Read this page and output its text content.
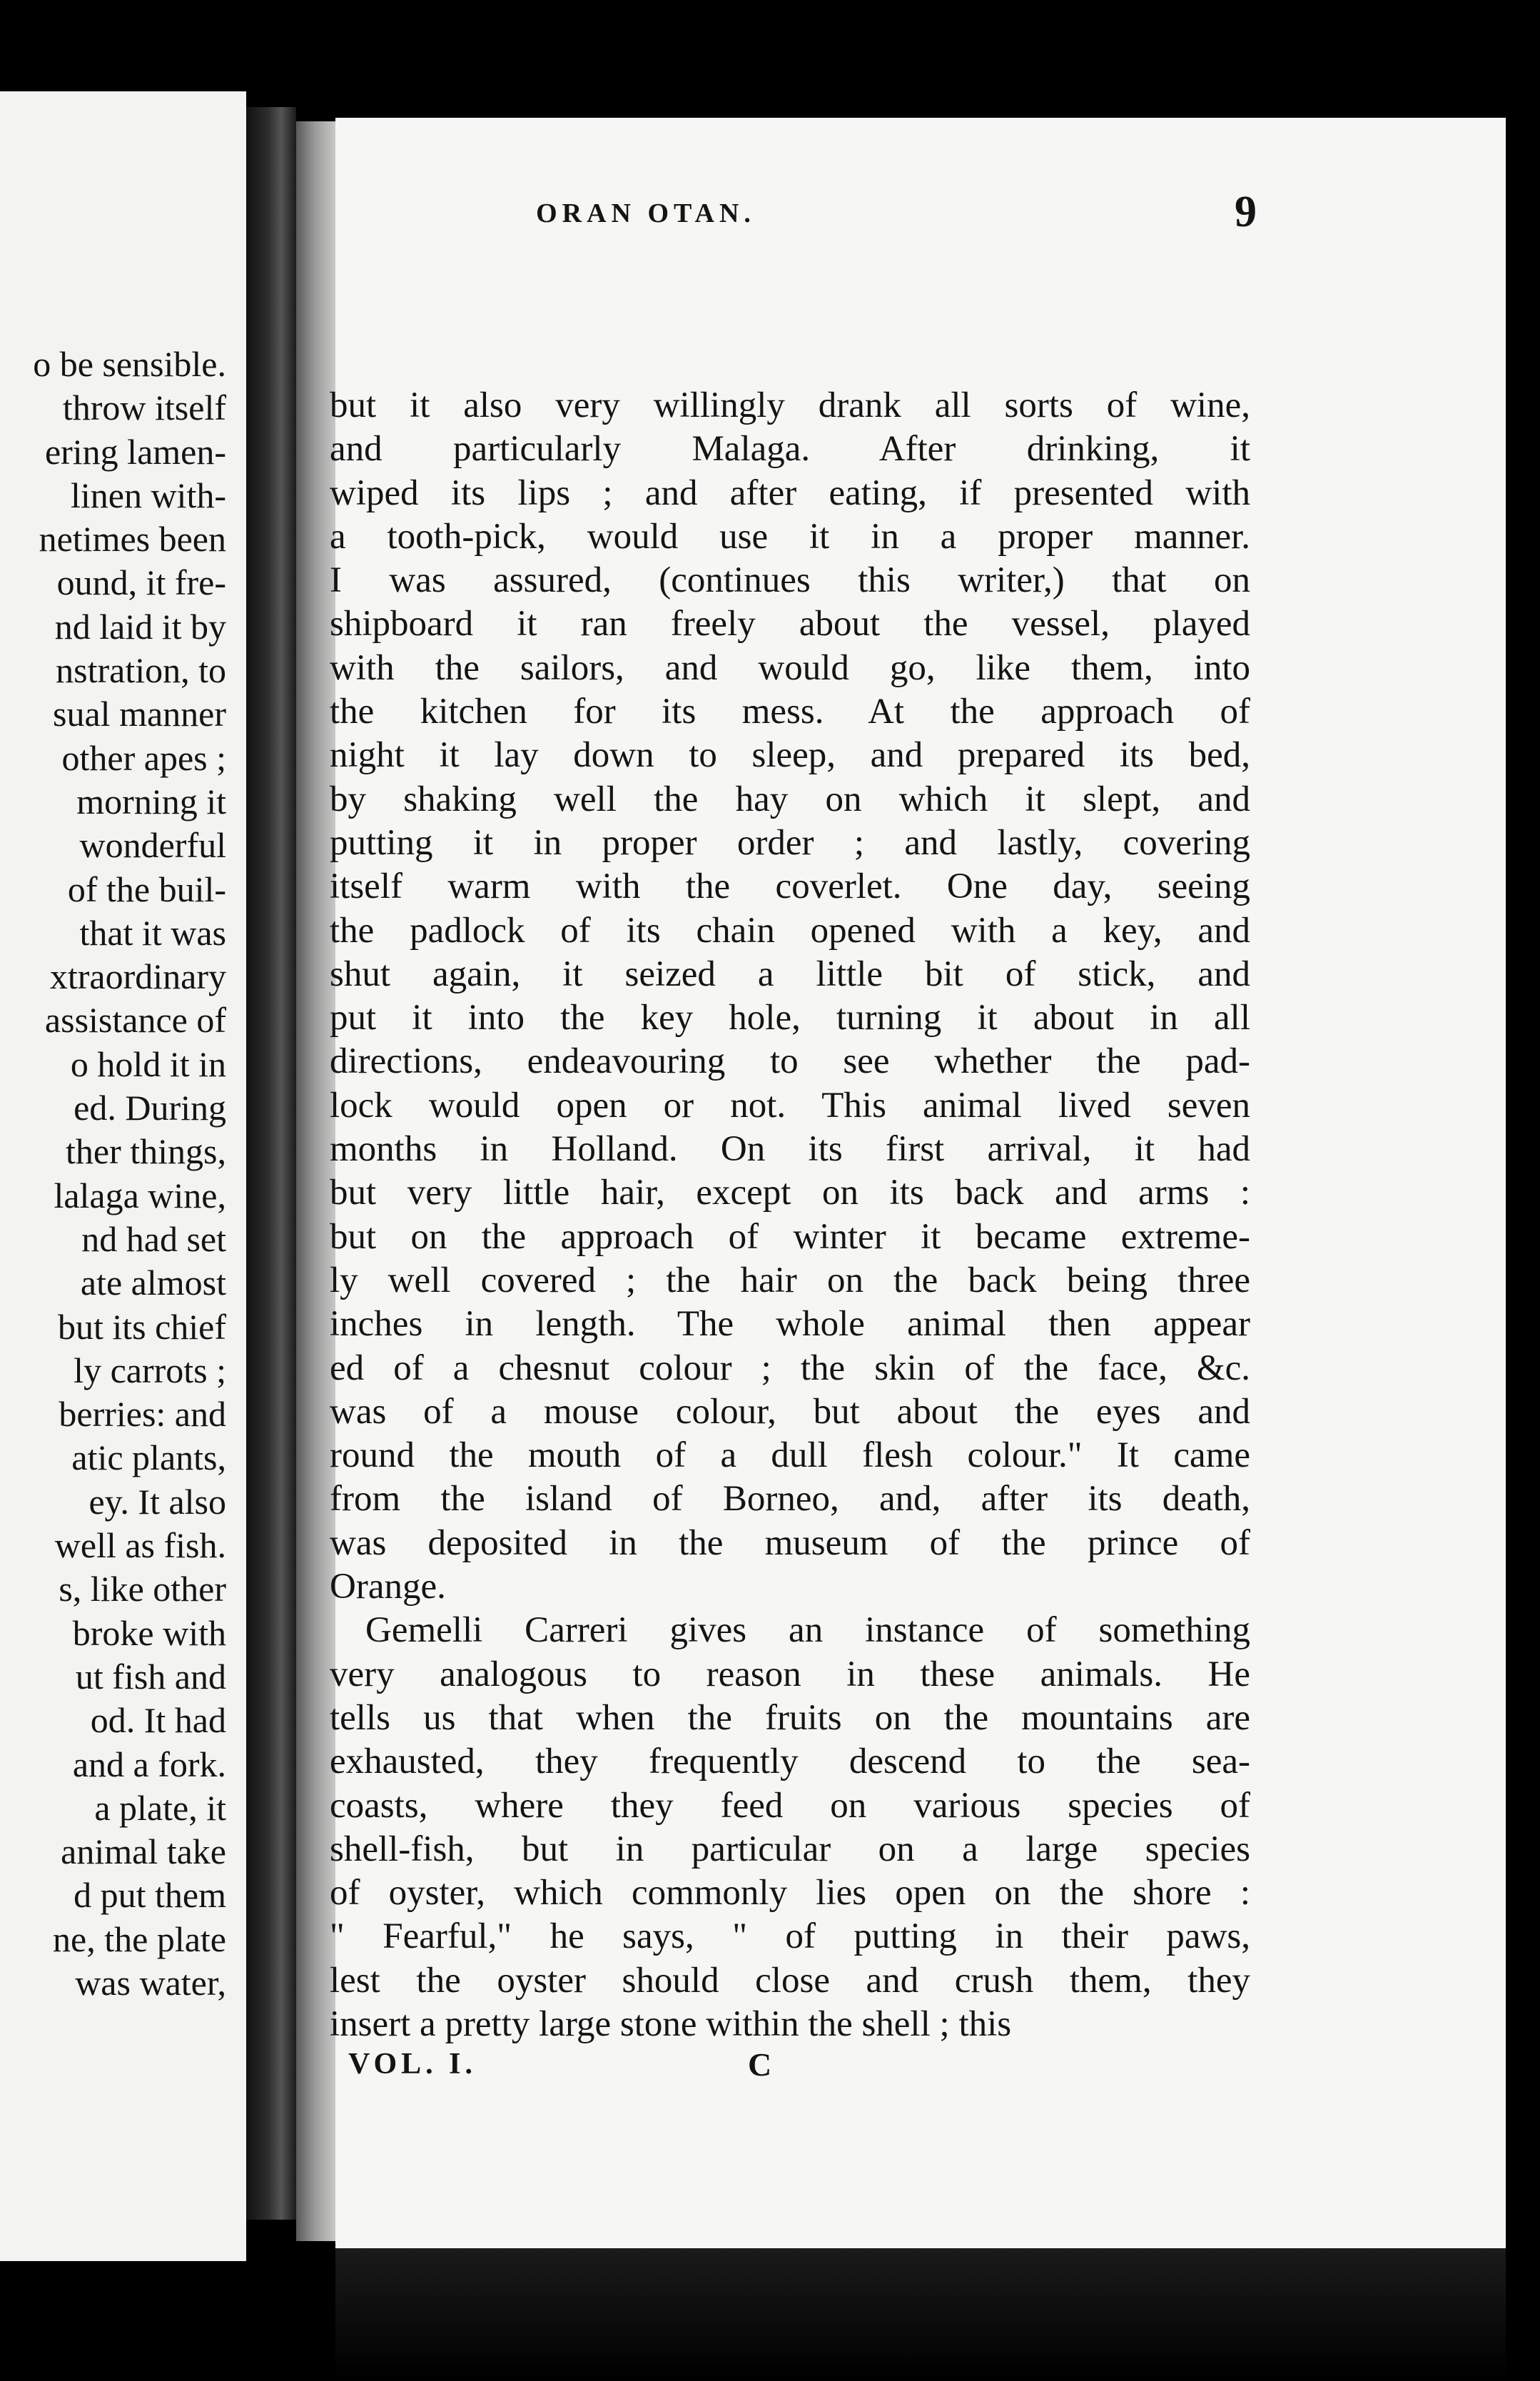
o be sensible.
throw itself
ering lamen-
linen with-
netimes been
ound, it fre-
nd laid it by
nstration, to
sual manner
other apes ;
morning it
wonderful
of the buil-
that it was
xtraordinary
assistance of
o hold it in
ed. During
ther things,
lalaga wine,
nd had set
ate almost
but its chief
ly carrots ;
berries: and
atic plants,
ey. It also
well as fish.
s, like other
broke with
ut fish and
od. It had
and a fork.
a plate, it
animal take
d put them
ne, the plate
was water,
ORAN OTAN.	9
but it also very willingly drank all sorts of wine,
and particularly Malaga. After drinking, it
wiped its lips ; and after eating, if presented with
a tooth-pick, would use it in a proper manner.
I was assured, (continues this writer,) that on
shipboard it ran freely about the vessel, played
with the sailors, and would go, like them, into
the kitchen for its mess. At the approach of
night it lay down to sleep, and prepared its bed,
by shaking well the hay on which it slept, and
putting it in proper order ; and lastly, covering
itself warm with the coverlet. One day, seeing
the padlock of its chain opened with a key, and
shut again, it seized a little bit of stick, and
put it into the key hole, turning it about in all
directions, endeavouring to see whether the pad-
lock would open or not. This animal lived seven
months in Holland. On its first arrival, it had
but very little hair, except on its back and arms :
but on the approach of winter it became extreme-
ly well covered ; the hair on the back being three
inches in length. The whole animal then appear
ed of a chesnut colour ; the skin of the face, &c.
was of a mouse colour, but about the eyes and
round the mouth of a dull flesh colour." It came
from the island of Borneo, and, after its death,
was deposited in the museum of the prince of
Orange.
Gemelli Carreri gives an instance of something
very analogous to reason in these animals. He
tells us that when the fruits on the mountains are
exhausted, they frequently descend to the sea-
coasts, where they feed on various species of
shell-fish, but in particular on a large species
of oyster, which commonly lies open on the shore :
" Fearful," he says, " of putting in their paws,
lest the oyster should close and crush them, they
insert a pretty large stone within the shell ; this
VOL. I.	C
